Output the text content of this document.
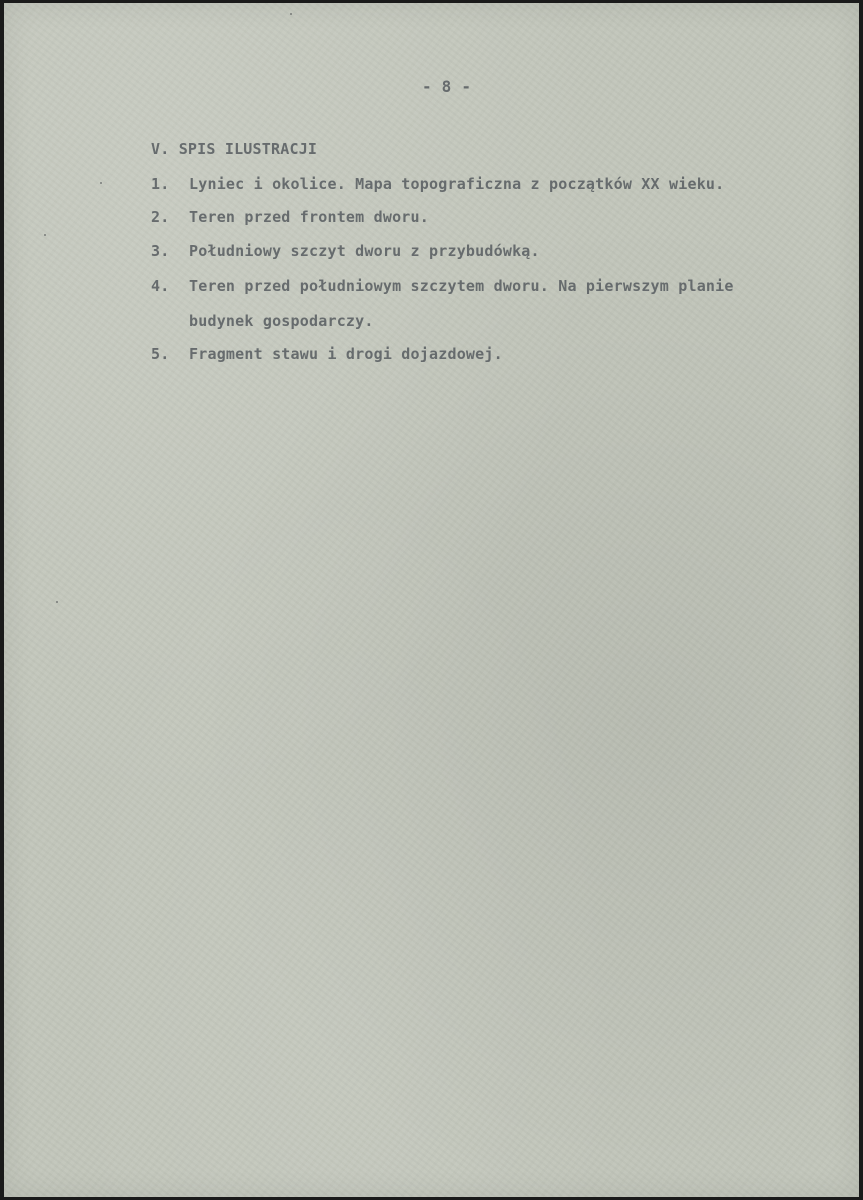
- 8 -
V. SPIS ILUSTRACJI
1. Lyniec i okolice. Mapa topograficzna z początków XX wieku.
2. Teren przed frontem dworu.
3. Południowy szczyt dworu z przybudówką.
4. Teren przed południowym szczytem dworu. Na pierwszym planie
budynek gospodarczy.
5. Fragment stawu i drogi dojazdowej.
